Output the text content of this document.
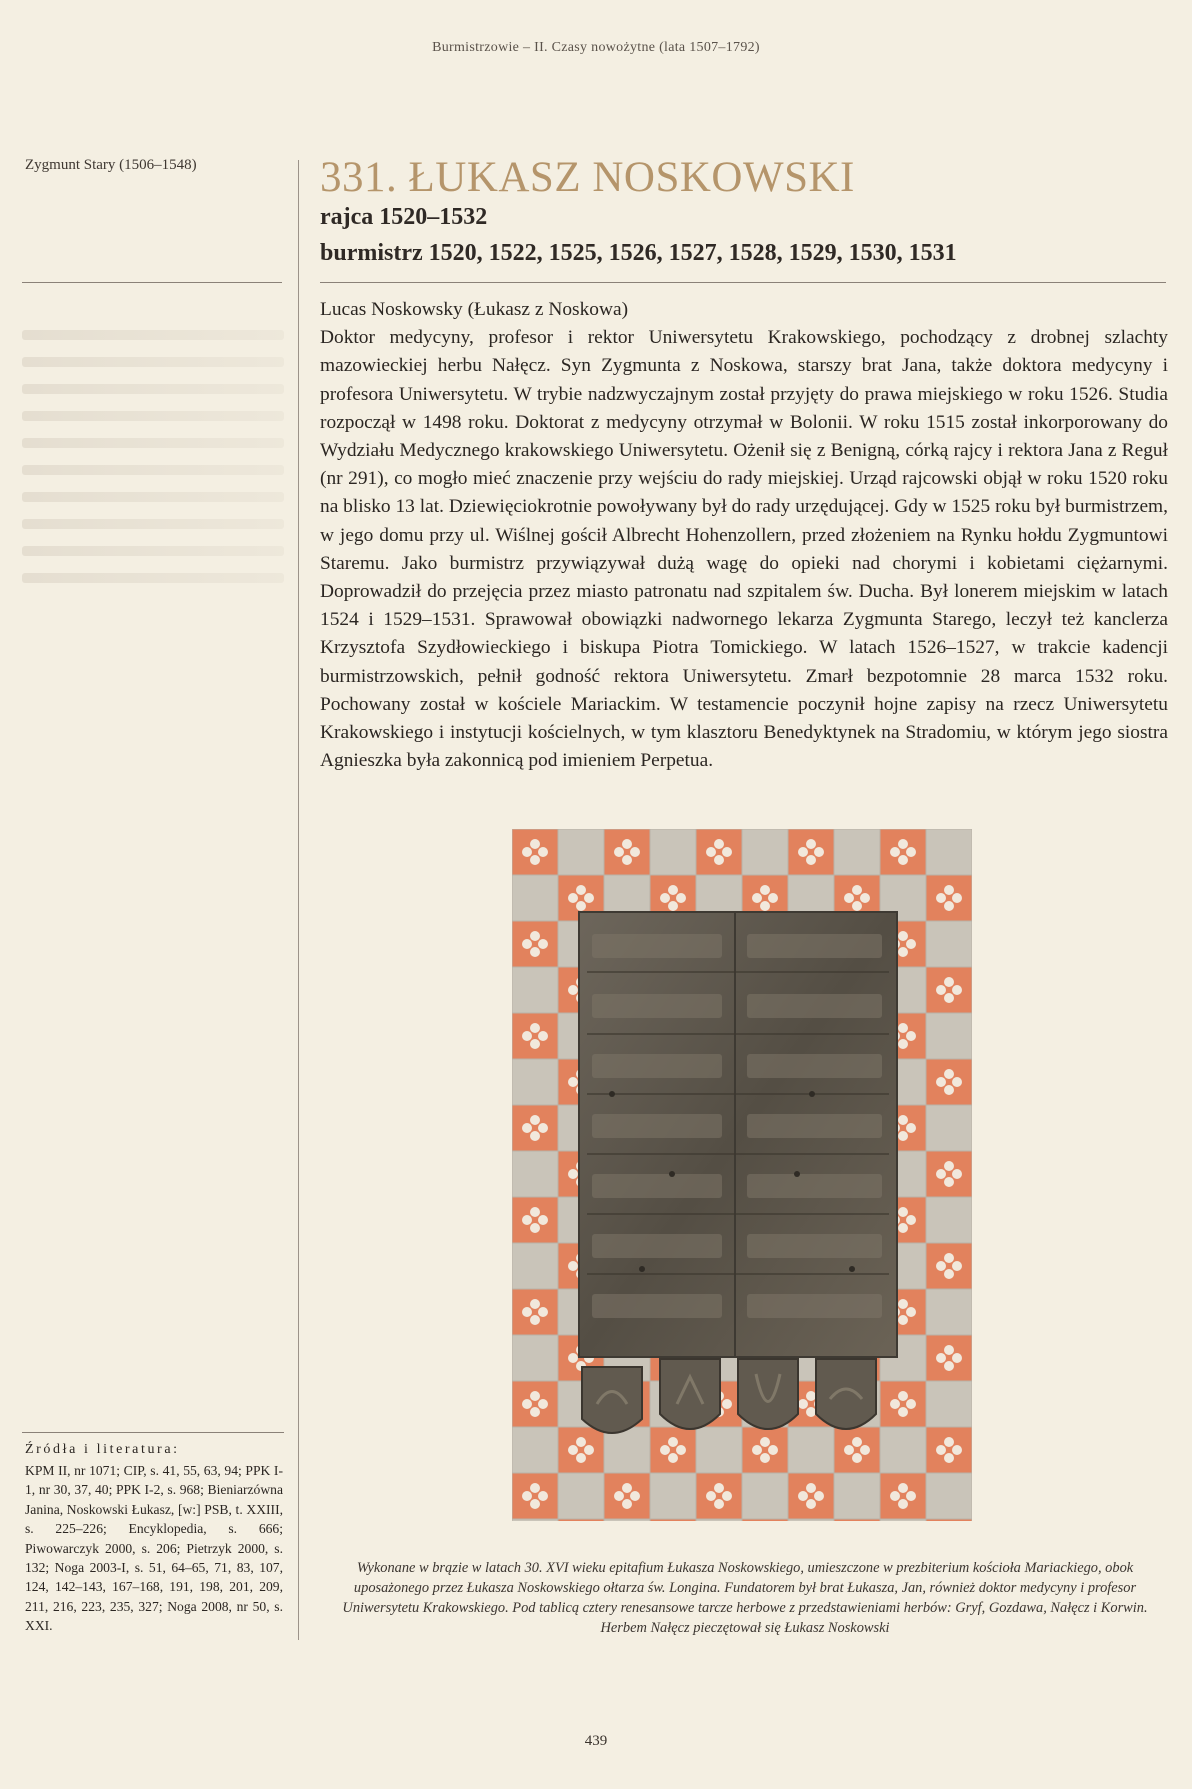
Burmistrzowie – II. Czasy nowożytne (lata 1507–1792)
Zygmunt Stary (1506–1548)	331. ŁUKASZ NOSKOWSKI
rajca 1520–1532
burmistrz 1520, 1522, 1525, 1526, 1527, 1528, 1529, 1530, 1531
Lucas Noskowsky (Łukasz z Noskowa)
Doktor medycyny, profesor i rektor Uniwersytetu Krakowskiego, pochodzący z drobnej szlachty mazowieckiej herbu Nałęcz. Syn Zygmunta z Noskowa, starszy brat Jana, także doktora medycyny i profesora Uniwersytetu. W trybie nadzwyczajnym został przyjęty do prawa miejskiego w roku 1526. Studia rozpoczął w 1498 roku. Doktorat z medycyny otrzymał w Bolonii. W roku 1515 został inkorporowany do Wydziału Medycznego krakowskiego Uniwersytetu. Ożenił się z Benigną, córką rajcy i rektora Jana z Reguł (nr 291), co mogło mieć znaczenie przy wejściu do rady miejskiej. Urząd rajcowski objął w roku 1520 roku na blisko 13 lat. Dziewięciokrotnie powoływany był do rady urzędującej. Gdy w 1525 roku był burmistrzem, w jego domu przy ul. Wiślnej gościł Albrecht Hohenzollern, przed złożeniem na Rynku hołdu Zygmuntowi Staremu. Jako burmistrz przywiązywał dużą wagę do opieki nad chorymi i kobietami ciężarnymi. Doprowadził do przejęcia przez miasto patronatu nad szpitalem św. Ducha. Był lonerem miejskim w latach 1524 i 1529–1531. Sprawował obowiązki nadwornego lekarza Zygmunta Starego, leczył też kanclerza Krzysztofa Szydłowieckiego i biskupa Piotra Tomickiego. W latach 1526–1527, w trakcie kadencji burmistrzowskich, pełnił godność rektora Uniwersytetu. Zmarł bezpotomnie 28 marca 1532 roku. Pochowany został w kościele Mariackim. W testamencie poczynił hojne zapisy na rzecz Uniwersytetu Krakowskiego i instytucji kościelnych, w tym klasztoru Benedyktynek na Stradomiu, w którym jego siostra Agnieszka była zakonnicą pod imieniem Perpetua.
Wykonane w brązie w latach 30. XVI wieku epitafium Łukasza Noskowskiego, umieszczone w prezbiterium kościoła Mariackiego, obok uposażonego przez Łukasza Noskowskiego ołtarza św. Longina. Fundatorem był brat Łukasza, Jan, również doktor medycyny i profesor Uniwersytetu Krakowskiego. Pod tablicą cztery renesansowe tarcze herbowe z przedstawieniami herbów: Gryf, Gozdawa, Nałęcz i Korwin. Herbem Nałęcz pieczętował się Łukasz Noskowski
Źródła i literatura:
KPM II, nr 1071; CIP, s. 41, 55, 63, 94; PPK I-1, nr 30, 37, 40; PPK I-2, s. 968; Bieniarzówna Janina, Noskowski Łukasz, [w:] PSB, t. XXIII, s. 225–226; Encyklopedia, s. 666; Piwowarczyk 2000, s. 206; Pietrzyk 2000, s. 132; Noga 2003-I, s. 51, 64–65, 71, 83, 107, 124, 142–143, 167–168, 191, 198, 201, 209, 211, 216, 223, 235, 327; Noga 2008, nr 50, s. XXI.
439
